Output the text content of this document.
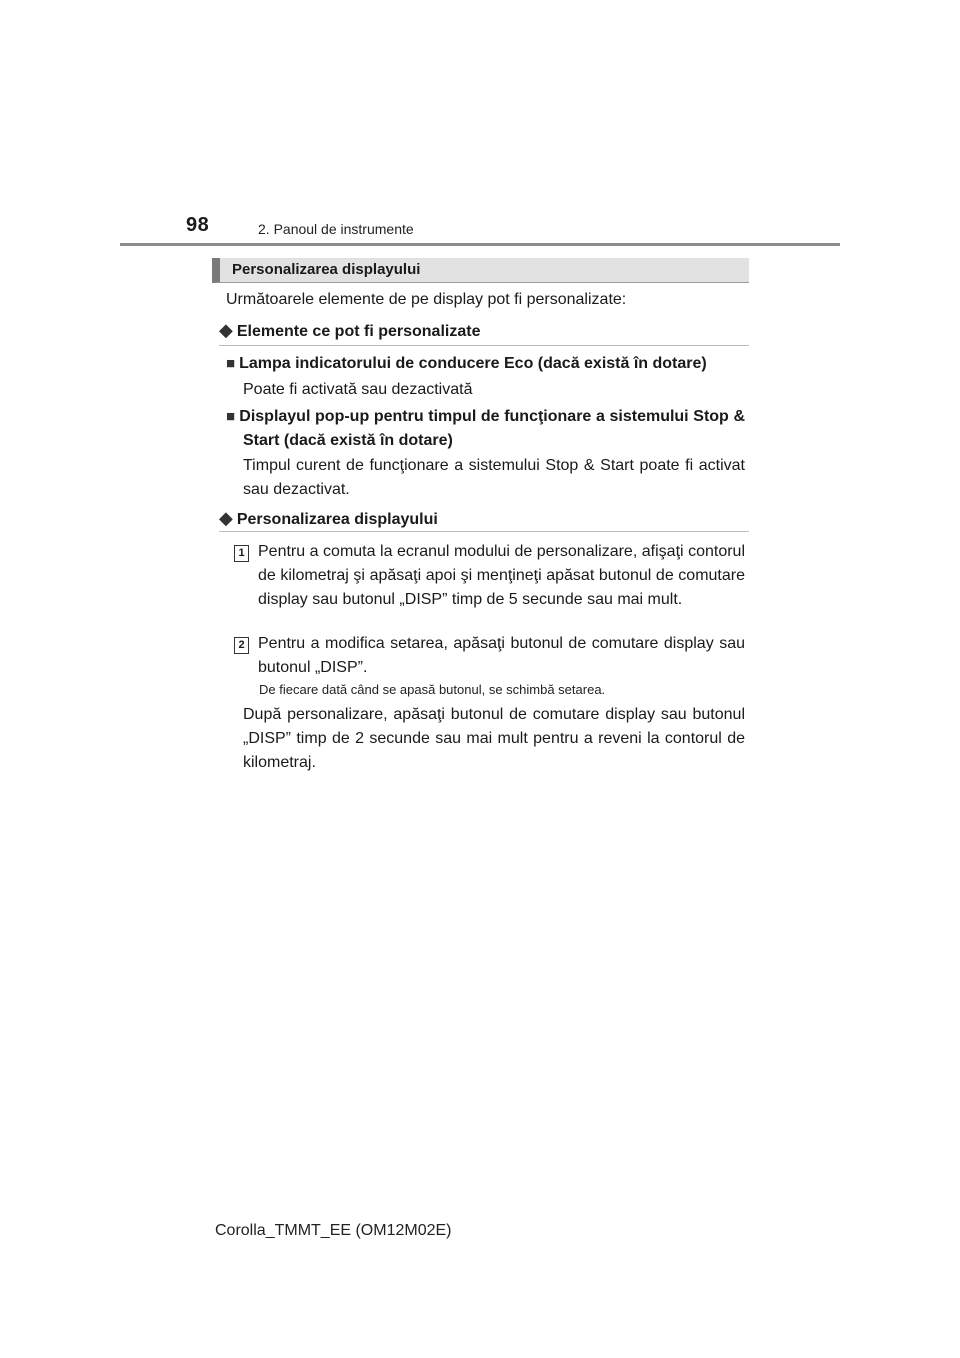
98	2. Panoul de instrumente
Personalizarea displayului
Următoarele elemente de pe display pot fi personalizate:
◆ Elemente ce pot fi personalizate
■ Lampa indicatorului de conducere Eco (dacă există în dotare)
Poate fi activată sau dezactivată
■ Displayul pop-up pentru timpul de funcţionare a sistemului Stop & Start (dacă există în dotare)
Timpul curent de funcţionare a sistemului Stop & Start poate fi activat sau dezactivat.
◆ Personalizarea displayului
1 Pentru a comuta la ecranul modului de personalizare, afişaţi contorul de kilometraj şi apăsaţi apoi şi menţineţi apăsat butonul de comutare display sau butonul „DISP” timp de 5 secunde sau mai mult.
2 Pentru a modifica setarea, apăsaţi butonul de comutare display sau butonul „DISP”.
De fiecare dată când se apasă butonul, se schimbă setarea.
După personalizare, apăsaţi butonul de comutare display sau butonul „DISP” timp de 2 secunde sau mai mult pentru a reveni la contorul de kilometraj.
Corolla_TMMT_EE (OM12M02E)
